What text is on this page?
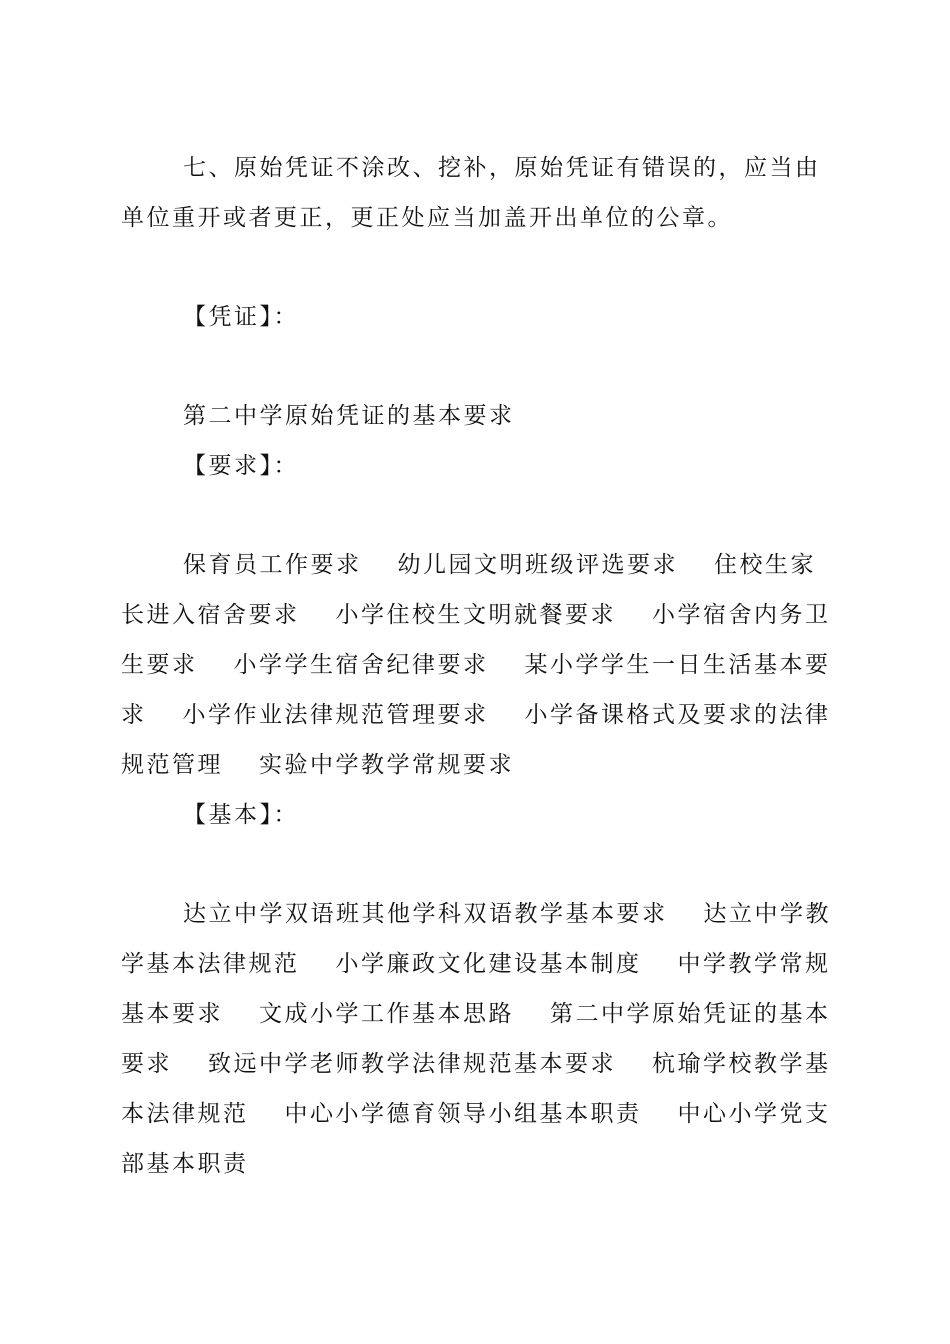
七、原始凭证不涂改、挖补，原始凭证有错误的，应当由单位重开或者更正，更正处应当加盖开出单位的公章。

【凭证】：

第二中学原始凭证的基本要求

【要求】：

保育员工作要求 幼儿园文明班级评选要求 住校生家长进入宿舍要求 小学住校生文明就餐要求 小学宿舍内务卫生要求 小学学生宿舍纪律要求 某小学学生一日生活基本要求 小学作业法律规范管理要求 小学备课格式及要求的法律规范管理 实验中学教学常规要求

【基本】：

达立中学双语班其他学科双语教学基本要求 达立中学教学基本法律规范 小学廉政文化建设基本制度 中学教学常规基本要求 文成小学工作基本思路 第二中学原始凭证的基本要求 致远中学老师教学法律规范基本要求 杭瑜学校教学基本法律规范 中心小学德育领导小组基本职责 中心小学党支部基本职责
